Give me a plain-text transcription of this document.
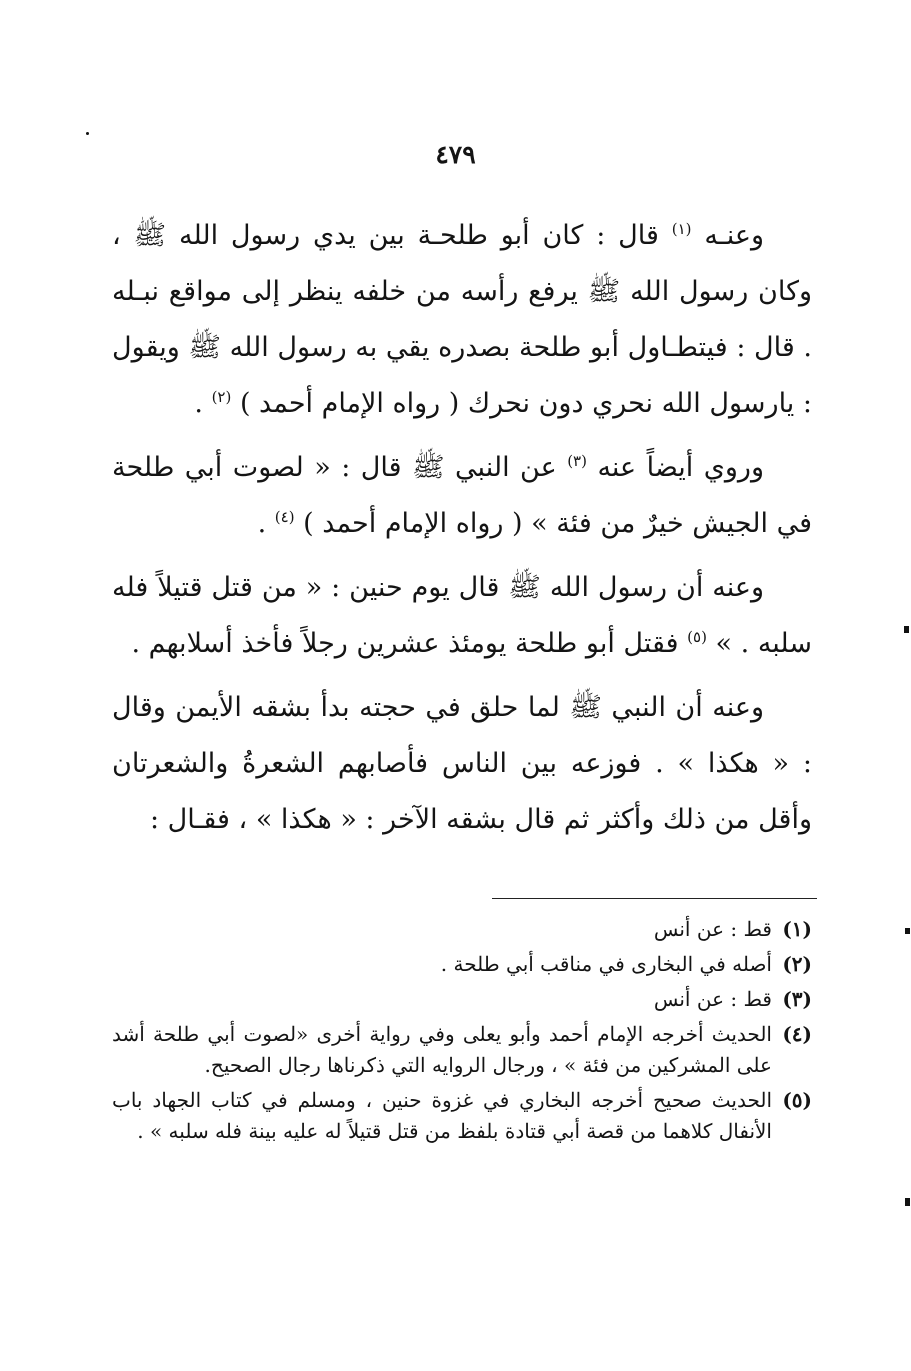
٤٧٩

وعنـه $^{(١)}$ قال : كان أبو طلحـة بين يدي رسول الله ﷺ ، وكان رسول الله ﷺ يرفع رأسه من خلفه ينظر إلى مواقع نبـله . قال : فيتطـاول أبو طلحة بصدره يقي به رسول الله ﷺ ويقول : يارسول الله نحري دون نحرك ( رواه الإمام أحمد ) $^{(٢)}$ .

وروي أيضاً عنه $^{(٣)}$ عن النبي ﷺ قال : « لصوت أبي طلحة في الجيش خيرٌ من فئة » ( رواه الإمام أحمد ) $^{(٤)}$ .

وعنه أن رسول الله ﷺ قال يوم حنين : « من قتل قتيلاً فله سلبه . » $^{(٥)}$ فقتل أبو طلحة يومئذ عشرين رجلاً فأخذ أسلابهم .

وعنه أن النبي ﷺ لما حلق في حجته بدأ بشقه الأيمن وقال : « هكذا » . فوزعه بين الناس فأصابهم الشعرةُ والشعرتان وأقل من ذلك وأكثر ثم قال بشقه الآخر : « هكذا » ، فقـال :

(١)
قط : عن أنس
(٢)
أصله في البخارى في مناقب أبي طلحة .
(٣)
قط : عن أنس
(٤)
الحديث أخرجه الإمام أحمد وأبو يعلى وفي رواية أخرى «لصوت أبي طلحة أشد على المشركين من فئة » ، ورجال الروايه التي ذكرناها رجال الصحيح.
(٥)
الحديث صحيح أخرجه البخاري في غزوة حنين ، ومسلم في كتاب الجهاد باب الأنفال كلاهما من قصة أبي قتادة بلفظ من قتل قتيلاً له عليه بينة فله سلبه » .
